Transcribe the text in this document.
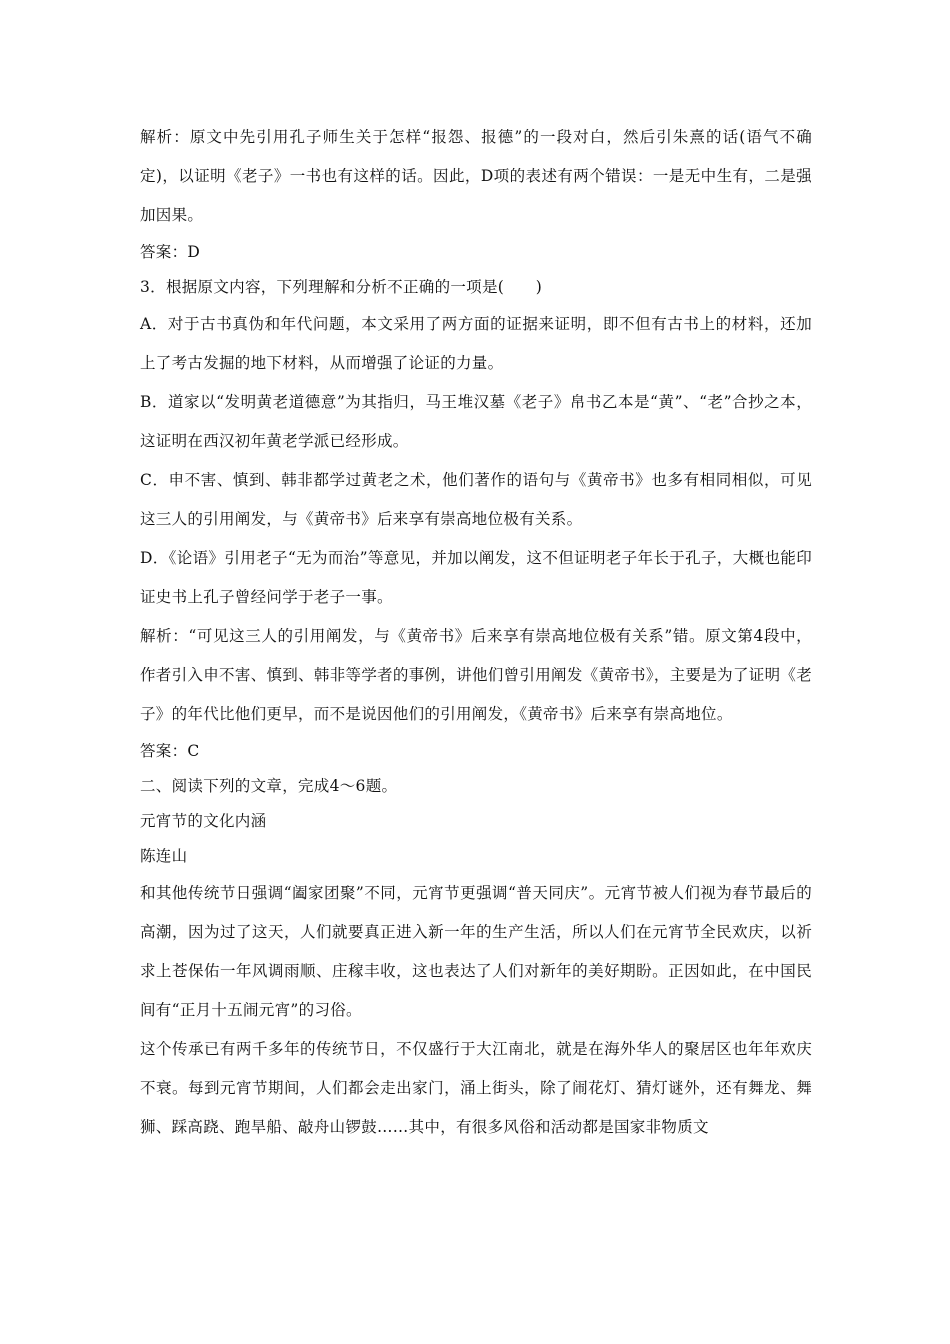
解析：原文中先引用孔子师生关于怎样“报怨、报德”的一段对白，然后引朱熹的话(语气不确定)，以证明《老子》一书也有这样的话。因此，D项的表述有两个错误：一是无中生有，二是强加因果。

答案：D

3．根据原文内容，下列理解和分析不正确的一项是(　　)

A．对于古书真伪和年代问题，本文采用了两方面的证据来证明，即不但有古书上的材料，还加上了考古发掘的地下材料，从而增强了论证的力量。

B．道家以“发明黄老道德意”为其指归，马王堆汉墓《老子》帛书乙本是“黄”、“老”合抄之本，这证明在西汉初年黄老学派已经形成。

C．申不害、慎到、韩非都学过黄老之术，他们著作的语句与《黄帝书》也多有相同相似，可见这三人的引用阐发，与《黄帝书》后来享有崇高地位极有关系。

D．《论语》引用老子“无为而治”等意见，并加以阐发，这不但证明老子年长于孔子，大概也能印证史书上孔子曾经问学于老子一事。

解析：“可见这三人的引用阐发，与《黄帝书》后来享有崇高地位极有关系”错。原文第4段中，作者引入申不害、慎到、韩非等学者的事例，讲他们曾引用阐发《黄帝书》，主要是为了证明《老子》的年代比他们更早，而不是说因他们的引用阐发，《黄帝书》后来享有崇高地位。

答案：C

二、阅读下列的文章，完成4～6题。

元宵节的文化内涵

陈连山

和其他传统节日强调“阖家团聚”不同，元宵节更强调“普天同庆”。元宵节被人们视为春节最后的高潮，因为过了这天，人们就要真正进入新一年的生产生活，所以人们在元宵节全民欢庆，以祈求上苍保佑一年风调雨顺、庄稼丰收，这也表达了人们对新年的美好期盼。正因如此，在中国民间有“正月十五闹元宵”的习俗。

这个传承已有两千多年的传统节日，不仅盛行于大江南北，就是在海外华人的聚居区也年年欢庆不衰。每到元宵节期间，人们都会走出家门，涌上街头，除了闹花灯、猜灯谜外，还有舞龙、舞狮、踩高跷、跑旱船、敲舟山锣鼓……其中，有很多风俗和活动都是国家非物质文
